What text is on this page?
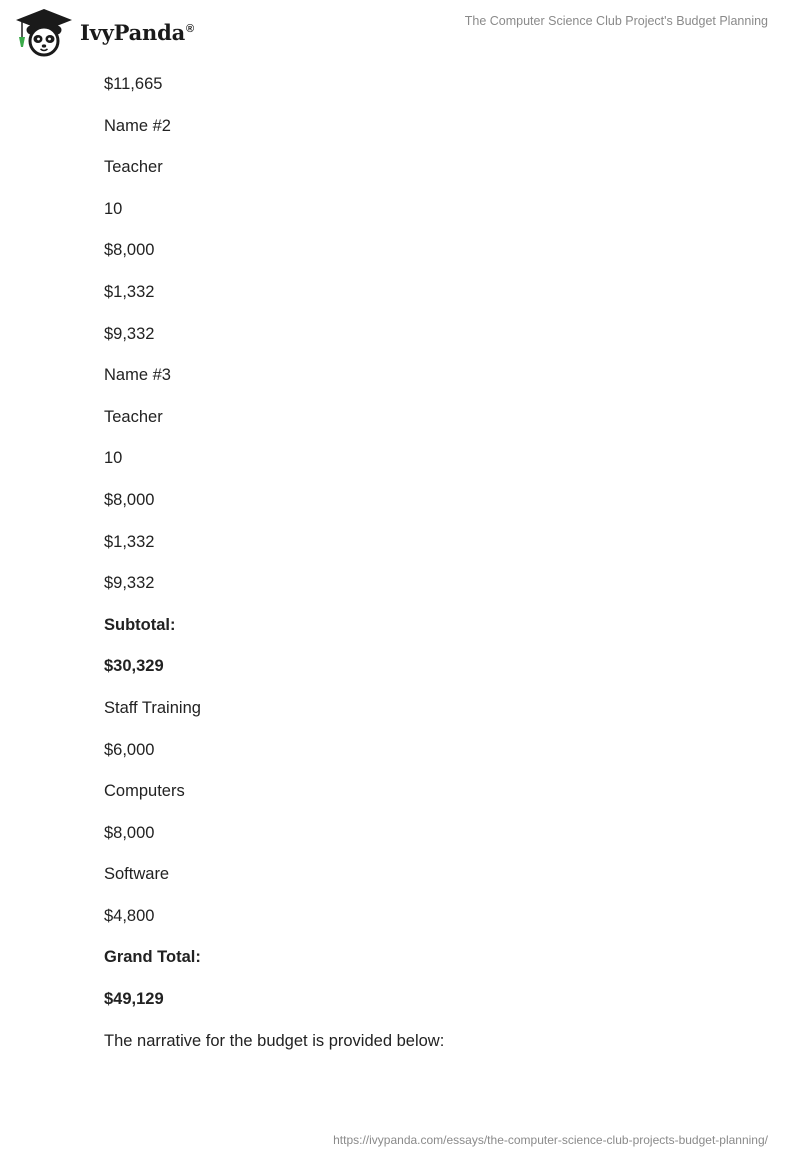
IvyPanda®
The Computer Science Club Project's Budget Planning
$11,665
Name #2
Teacher
10
$8,000
$1,332
$9,332
Name #3
Teacher
10
$8,000
$1,332
$9,332
Subtotal:
$30,329
Staff Training
$6,000
Computers
$8,000
Software
$4,800
Grand Total:
$49,129
The narrative for the budget is provided below:
https://ivypanda.com/essays/the-computer-science-club-projects-budget-planning/
